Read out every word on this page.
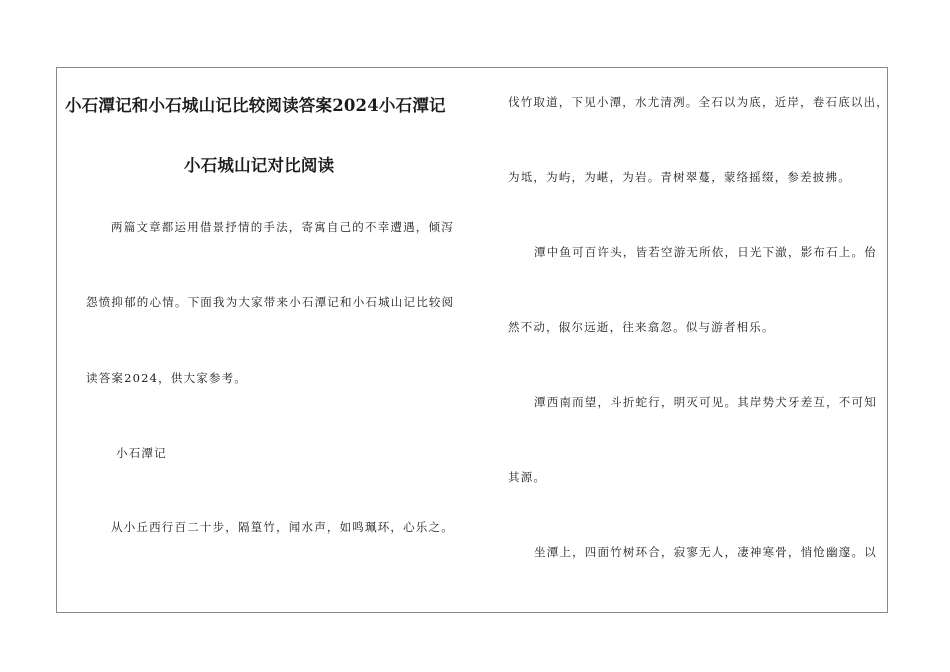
小石潭记和小石城山记比较阅读答案2024小石潭记
小石城山记对比阅读
两篇文章都运用借景抒情的手法，寄寓自己的不幸遭遇，倾泻
怨愤抑郁的心情。下面我为大家带来小石潭记和小石城山记比较阅
读答案2024，供大家参考。
小石潭记
从小丘西行百二十步，隔篁竹，闻水声，如鸣珮环，心乐之。
伐竹取道，下见小潭，水尤清冽。全石以为底，近岸，卷石底以出，
为坻，为屿，为嵁，为岩。青树翠蔓，蒙络摇缀，参差披拂。
潭中鱼可百许头，皆若空游无所依，日光下澈，影布石上。佁
然不动，俶尔远逝，往来翕忽。似与游者相乐。
潭西南而望，斗折蛇行，明灭可见。其岸势犬牙差互，不可知
其源。
坐潭上，四面竹树环合，寂寥无人，凄神寒骨，悄怆幽邃。以
